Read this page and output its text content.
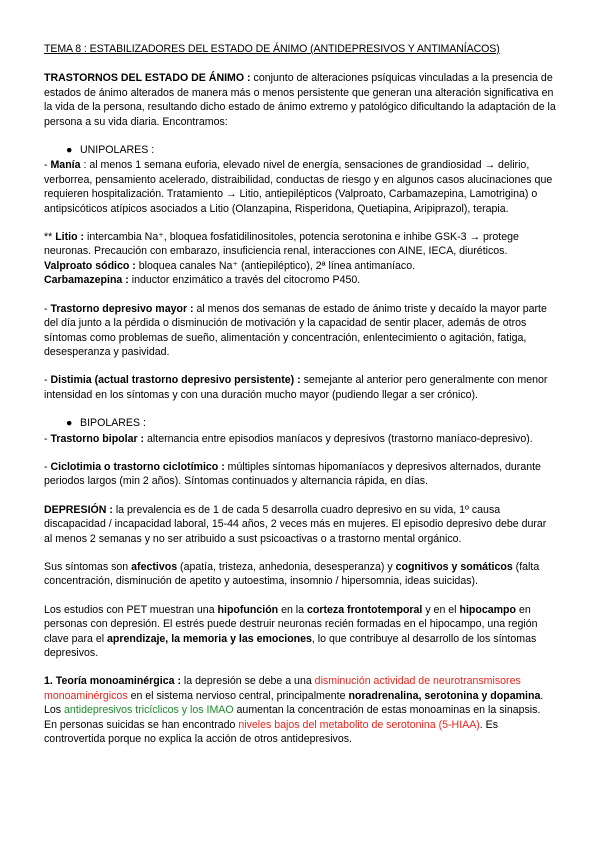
TEMA 8 : ESTABILIZADORES DEL ESTADO DE ÁNIMO (ANTIDEPRESIVOS Y ANTIMANÍACOS)

TRASTORNOS DEL ESTADO DE ÁNIMO : conjunto de alteraciones psíquicas vinculadas a la presencia de estados de ánimo alterados de manera más o menos persistente que generan una alteración significativa en la vida de la persona, resultando dicho estado de ánimo extremo y patológico dificultando la adaptación de la persona a su vida diaria. Encontramos:

● UNIPOLARES :

- Manía : al menos 1 semana euforia, elevado nivel de energía, sensaciones de grandiosidad → delirio, verborrea, pensamiento acelerado, distraibilidad, conductas de riesgo y en algunos casos alucinaciones que requieren hospitalización. Tratamiento → Litio, antiepilépticos (Valproato, Carbamazepina, Lamotrigina) o antipsicóticos atípicos asociados a Litio (Olanzapina, Risperidona, Quetiapina, Aripiprazol), terapia.

** Litio : intercambia Na⁺, bloquea fosfatidilinositoles, potencia serotonina e inhibe GSK-3 → protege neuronas. Precaución con embarazo, insuficiencia renal, interacciones con AINE, IECA, diuréticos.

Valproato sódico : bloquea canales Na⁺ (antiepiléptico), 2ª línea antimaníaco.

Carbamazepina : inductor enzimático a través del citocromo P450.

- Trastorno depresivo mayor : al menos dos semanas de estado de ánimo triste y decaído la mayor parte del día junto a la pérdida o disminución de motivación y la capacidad de sentir placer, además de otros síntomas como problemas de sueño, alimentación y concentración, enlentecimiento o agitación, fatiga, desesperanza y pasividad.

- Distimia (actual trastorno depresivo persistente) : semejante al anterior pero generalmente con menor intensidad en los síntomas y con una duración mucho mayor (pudiendo llegar a ser crónico).

● BIPOLARES :

- Trastorno bipolar : alternancia entre episodios maníacos y depresivos (trastorno maníaco-depresivo).

- Ciclotimia o trastorno ciclotímico : múltiples síntomas hipomaníacos y depresivos alternados, durante periodos largos (min 2 años). Síntomas continuados y alternancia rápida, en días.

DEPRESIÓN : la prevalencia es de 1 de cada 5 desarrolla cuadro depresivo en su vida, 1º causa discapacidad / incapacidad laboral, 15-44 años, 2 veces más en mujeres. El episodio depresivo debe durar al menos 2 semanas y no ser atribuido a sust psicoactivas o a trastorno mental orgánico.

Sus síntomas son afectivos (apatía, tristeza, anhedonia, desesperanza) y cognitivos y somáticos (falta concentración, disminución de apetito y autoestima, insomnio / hipersomnia, ideas suicidas).

Los estudios con PET muestran una hipofunción en la corteza frontotemporal y en el hipocampo en personas con depresión. El estrés puede destruir neuronas recién formadas en el hipocampo, una región clave para el aprendizaje, la memoria y las emociones, lo que contribuye al desarrollo de los síntomas depresivos.

1. Teoría monoaminérgica : la depresión se debe a una disminución actividad de neurotransmisores monoaminérgicos en el sistema nervioso central, principalmente noradrenalina, serotonina y dopamina. Los antidepresivos tricíclicos y los IMAO aumentan la concentración de estas monoaminas en la sinapsis. En personas suicidas se han encontrado niveles bajos del metabolito de serotonina (5-HIAA). Es controvertida porque no explica la acción de otros antidepresivos.
